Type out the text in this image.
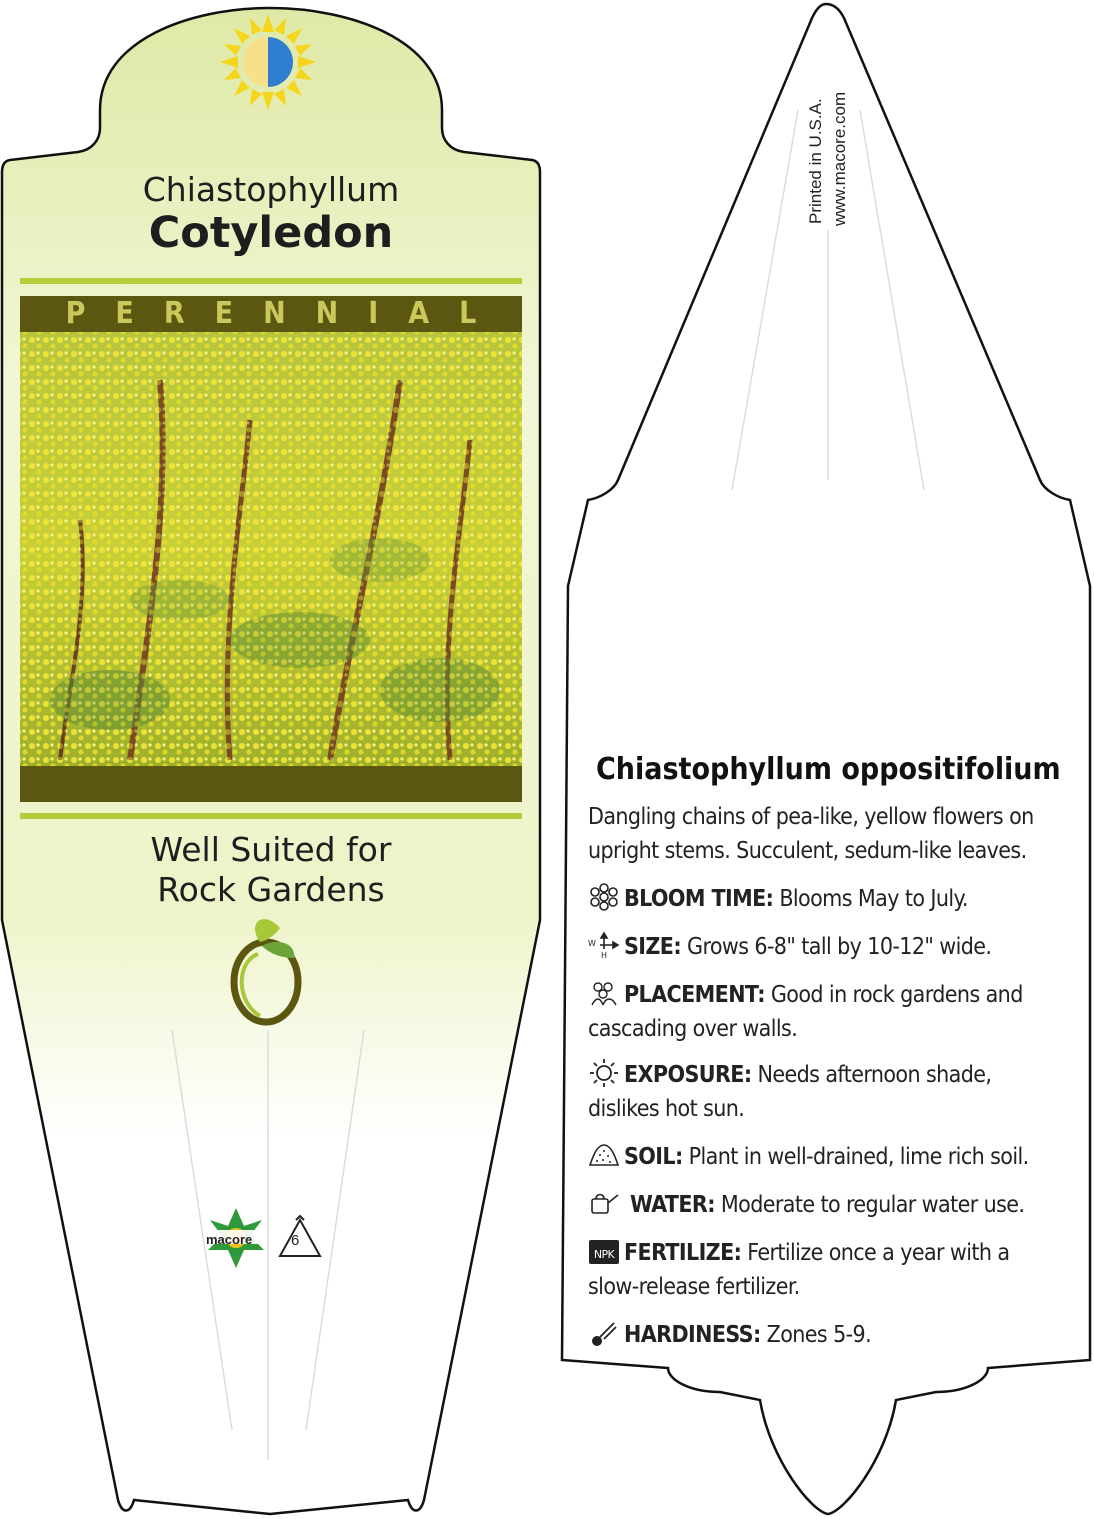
Chiastophyllum
Cotyledon
PERENNIAL
Well Suited for
Rock Gardens
macore	6
Printed in U.S.A. www.macore.com
Chiastophyllum oppositifolium
Dangling chains of pea-like, yellow flowers on upright stems. Succulent, sedum-like leaves.
BLOOM TIME: Blooms May to July.
W
H SIZE: Grows 6-8" tall by 10-12" wide.
PLACEMENT: Good in rock gardens and cascading over walls.
EXPOSURE: Needs afternoon shade, dislikes hot sun.
SOIL: Plant in well-drained, lime rich soil.
WATER: Moderate to regular water use.
NPK FERTILIZE: Fertilize once a year with a slow-release fertilizer.
HARDINESS: Zones 5-9.
